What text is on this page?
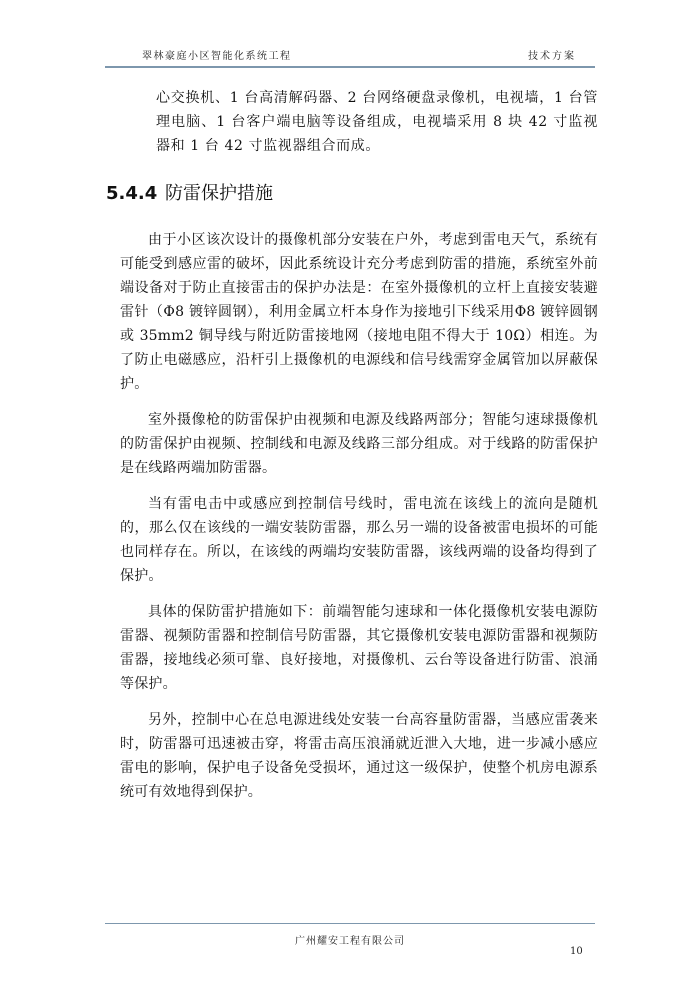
翠林豪庭小区智能化系统工程	技术方案

心交换机、1 台高清解码器、2 台网络硬盘录像机，电视墙，1 台管理电脑、1 台客户端电脑等设备组成，电视墙采用 8 块 42 寸监视器和 1 台 42 寸监视器组合而成。

5.4.4 防雷保护措施

由于小区该次设计的摄像机部分安装在户外，考虑到雷电天气，系统有可能受到感应雷的破坏，因此系统设计充分考虑到防雷的措施，系统室外前端设备对于防止直接雷击的保护办法是：在室外摄像机的立杆上直接安装避雷针（Φ8 镀锌圆钢），利用金属立杆本身作为接地引下线采用Φ8 镀锌圆钢或 35mm2 铜导线与附近防雷接地网（接地电阻不得大于 10Ω）相连。为了防止电磁感应，沿杆引上摄像机的电源线和信号线需穿金属管加以屏蔽保护。

室外摄像枪的防雷保护由视频和电源及线路两部分；智能匀速球摄像机的防雷保护由视频、控制线和电源及线路三部分组成。对于线路的防雷保护是在线路两端加防雷器。

当有雷电击中或感应到控制信号线时，雷电流在该线上的流向是随机的，那么仅在该线的一端安装防雷器，那么另一端的设备被雷电损坏的可能也同样存在。所以，在该线的两端均安装防雷器，该线两端的设备均得到了保护。

具体的保防雷护措施如下：前端智能匀速球和一体化摄像机安装电源防雷器、视频防雷器和控制信号防雷器，其它摄像机安装电源防雷器和视频防雷器，接地线必须可靠、良好接地，对摄像机、云台等设备进行防雷、浪涌等保护。

另外，控制中心在总电源进线处安装一台高容量防雷器，当感应雷袭来时，防雷器可迅速被击穿，将雷击高压浪涌就近泄入大地，进一步减小感应雷电的影响，保护电子设备免受损坏，通过这一级保护，使整个机房电源系统可有效地得到保护。

广州耀安工程有限公司
10
